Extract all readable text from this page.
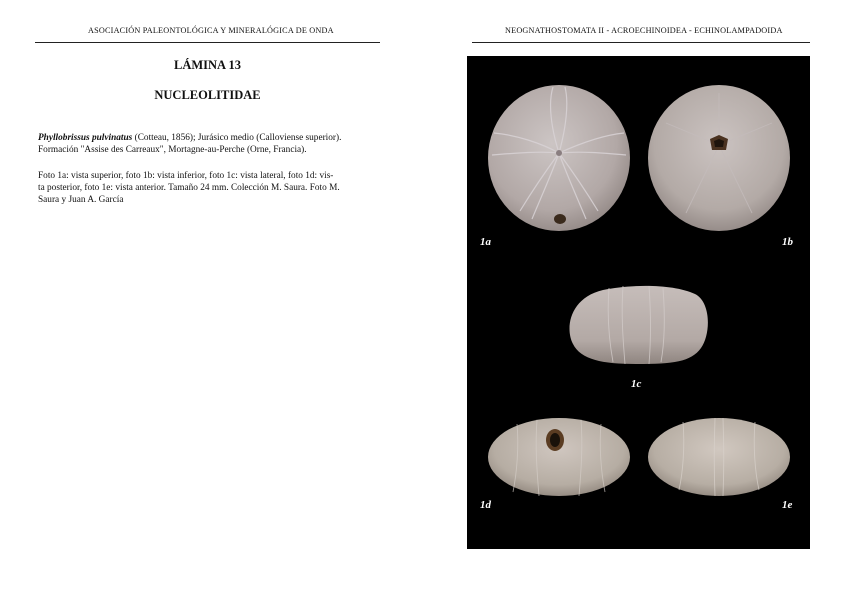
ASOCIACIÓN PALEONTOLÓGICA Y MINERALÓGICA DE ONDA
LÁMINA 13
NUCLEOLITIDAE
Phyllobrissus pulvinatus (Cotteau, 1856); Jurásico medio (Calloviense superior).
Formación "Assise des Carreaux", Mortagne-au-Perche (Orne, Francia).
Foto 1a: vista superior, foto 1b: vista inferior, foto 1c: vista lateral, foto 1d: vis-
ta posterior, foto 1e: vista anterior. Tamaño 24 mm. Colección M. Saura. Foto M.
Saura y Juan A. García
NEOGNATHOSTOMATA II - ACROECHINOIDEA - ECHINOLAMPADOIDA
1a	1b
1c
1d	1e
